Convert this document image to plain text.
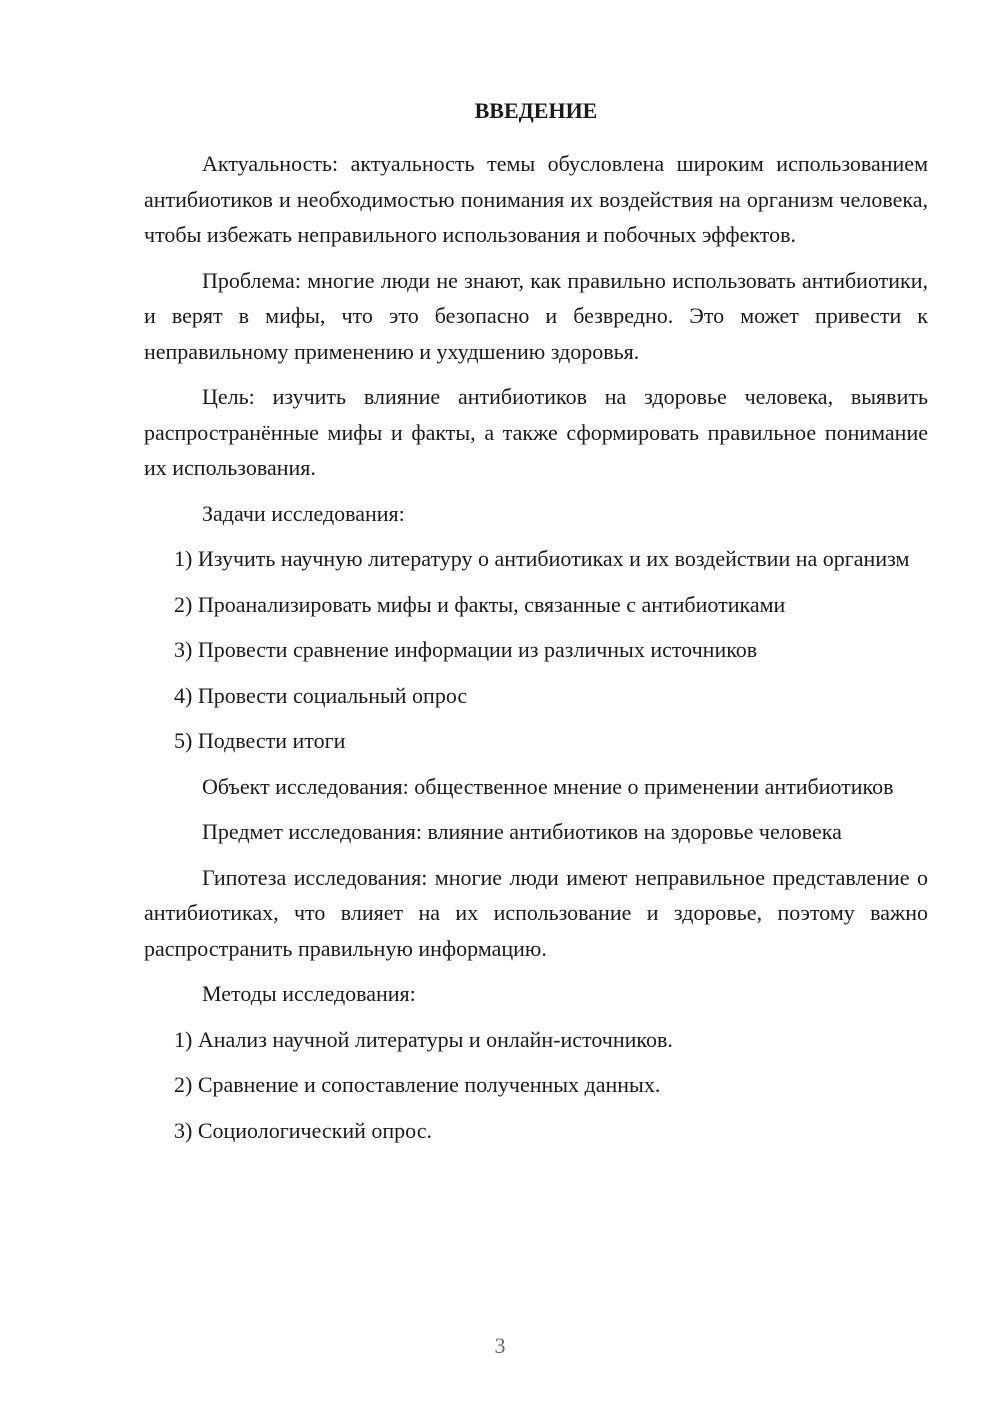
ВВЕДЕНИЕ

Актуальность: актуальность темы обусловлена широким использованием антибиотиков и необходимостью понимания их воздействия на организм человека, чтобы избежать неправильного использования и побочных эффектов.

Проблема: многие люди не знают, как правильно использовать антибиотики, и верят в мифы, что это безопасно и безвредно. Это может привести к неправильному применению и ухудшению здоровья.

Цель: изучить влияние антибиотиков на здоровье человека, выявить распространённые мифы и факты, а также сформировать правильное понимание их использования.

Задачи исследования:

1) Изучить научную литературу о антибиотиках и их воздействии на организм

2) Проанализировать мифы и факты, связанные с антибиотиками

3) Провести сравнение информации из различных источников

4) Провести социальный опрос

5) Подвести итоги

Объект исследования: общественное мнение о применении антибиотиков

Предмет исследования: влияние антибиотиков на здоровье человека

Гипотеза исследования: многие люди имеют неправильное представление о антибиотиках, что влияет на их использование и здоровье, поэтому важно распространить правильную информацию.

Методы исследования:

1) Анализ научной литературы и онлайн-источников.

2) Сравнение и сопоставление полученных данных.

3) Социологический опрос.

3
